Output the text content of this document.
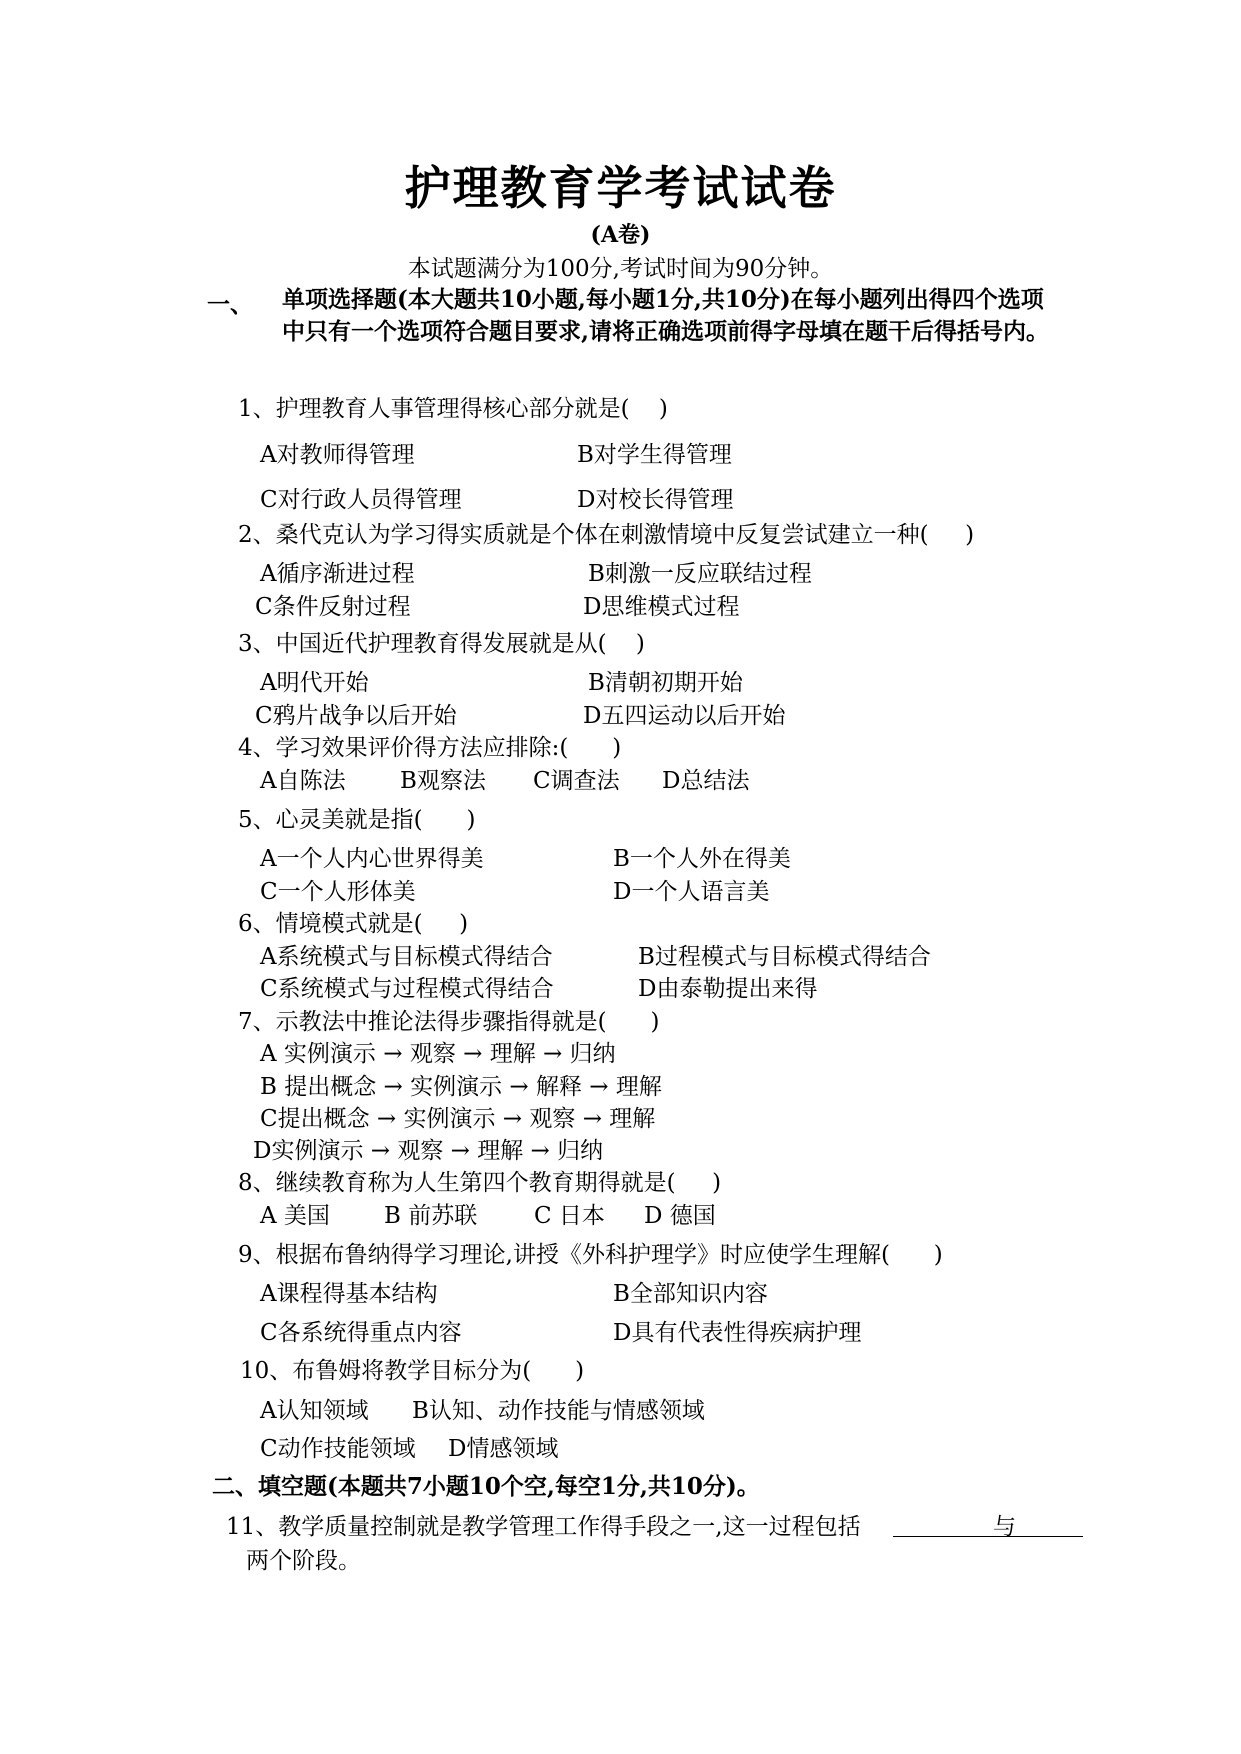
护理教育学考试试卷
(A卷)
本试题满分为100分,考试时间为90分钟。
一、 单项选择题(本大题共10小题,每小题1分,共10分)在每小题列出得四个选项中只有一个选项符合题目要求,请将正确选项前得字母填在题干后得括号内。
1、护理教育人事管理得核心部分就是(    )
A对教师得管理	B对学生得管理
C对行政人员得管理	D对校长得管理
2、桑代克认为学习得实质就是个体在刺激情境中反复尝试建立一种(     )
A循序渐进过程	B刺激一反应联结过程
C条件反射过程	D思维模式过程
3、中国近代护理教育得发展就是从(    )
A明代开始	B清朝初期开始
C鸦片战争以后开始	D五四运动以后开始
4、学习效果评价得方法应排除:(      )
A自陈法 B观察法 C调查法 D总结法
5、心灵美就是指(      )
A一个人内心世界得美	B一个人外在得美
C一个人形体美	D一个人语言美
6、情境模式就是(     )
A系统模式与目标模式得结合	B过程模式与目标模式得结合
C系统模式与过程模式得结合	D由泰勒提出来得
7、示教法中推论法得步骤指得就是(      )
A 实例演示 → 观察 → 理解 → 归纳
B 提出概念 → 实例演示 → 解释 → 理解
C提出概念 → 实例演示 → 观察 → 理解
D实例演示 → 观察 → 理解 → 归纳
8、继续教育称为人生第四个教育期得就是(     )
A 美国 B 前苏联 C 日本 D 德国
9、根据布鲁纳得学习理论,讲授《外科护理学》时应使学生理解(      )
A课程得基本结构	B全部知识内容
C各系统得重点内容	D具有代表性得疾病护理
10、布鲁姆将教学目标分为(      )
A认知领域 B认知、动作技能与情感领域
C动作技能领域 D情感领域
二、填空题(本题共7小题10个空,每空1分,共10分)。
11、教学质量控制就是教学管理工作得手段之一,这一过程包括	与
两个阶段。
